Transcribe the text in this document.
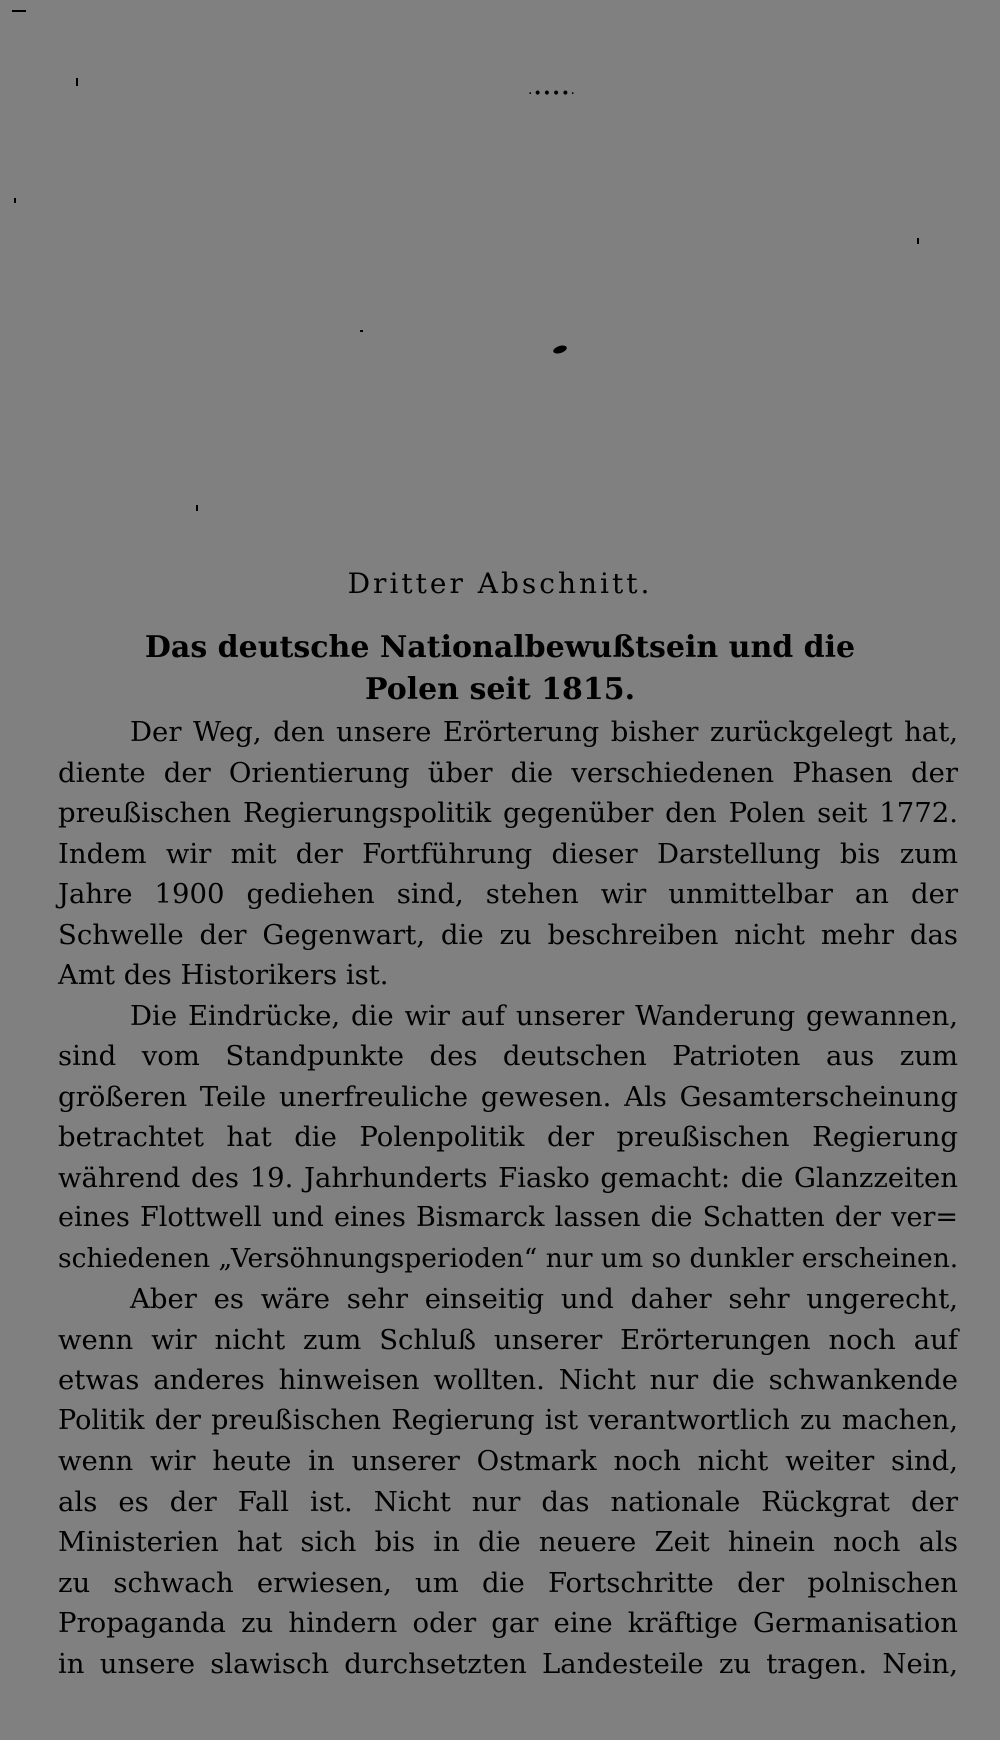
·••••·
Dritter Abschnitt.
Das deutsche Nationalbewußtsein und die
Polen seit 1815.
Der Weg, den unsere Erörterung bisher zurückgelegt hat,
diente der Orientierung über die verschiedenen Phasen der
preußischen Regierungspolitik gegenüber den Polen seit 1772.
Indem wir mit der Fortführung dieser Darstellung bis zum
Jahre 1900 gediehen sind, stehen wir unmittelbar an der
Schwelle der Gegenwart, die zu beschreiben nicht mehr das
Amt des Historikers ist.
Die Eindrücke, die wir auf unserer Wanderung gewannen,
sind vom Standpunkte des deutschen Patrioten aus zum
größeren Teile unerfreuliche gewesen. Als Gesamterscheinung
betrachtet hat die Polenpolitik der preußischen Regierung
während des 19. Jahrhunderts Fiasko gemacht: die Glanzzeiten
eines Flottwell und eines Bismarck lassen die Schatten der ver=
schiedenen „Versöhnungsperioden“ nur um so dunkler erscheinen.
Aber es wäre sehr einseitig und daher sehr ungerecht,
wenn wir nicht zum Schluß unserer Erörterungen noch auf
etwas anderes hinweisen wollten. Nicht nur die schwankende
Politik der preußischen Regierung ist verantwortlich zu machen,
wenn wir heute in unserer Ostmark noch nicht weiter sind,
als es der Fall ist. Nicht nur das nationale Rückgrat der
Ministerien hat sich bis in die neuere Zeit hinein noch als
zu schwach erwiesen, um die Fortschritte der polnischen
Propaganda zu hindern oder gar eine kräftige Germanisation
in unsere slawisch durchsetzten Landesteile zu tragen. Nein,
